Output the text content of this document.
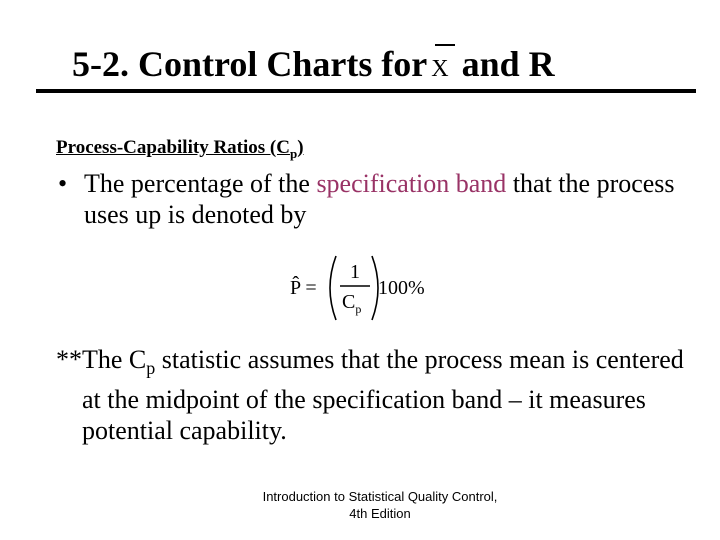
5-2. Control Charts for X and R
Process-Capability Ratios $(C_p)$
• The percentage of the specification band that the process uses up is denoted by
P̂ =
1
$C_p$
100%
**The $C_p$ statistic assumes that the process mean is centered at the midpoint of the specification band – it measures potential capability.
Introduction to Statistical Quality Control,
4th Edition
